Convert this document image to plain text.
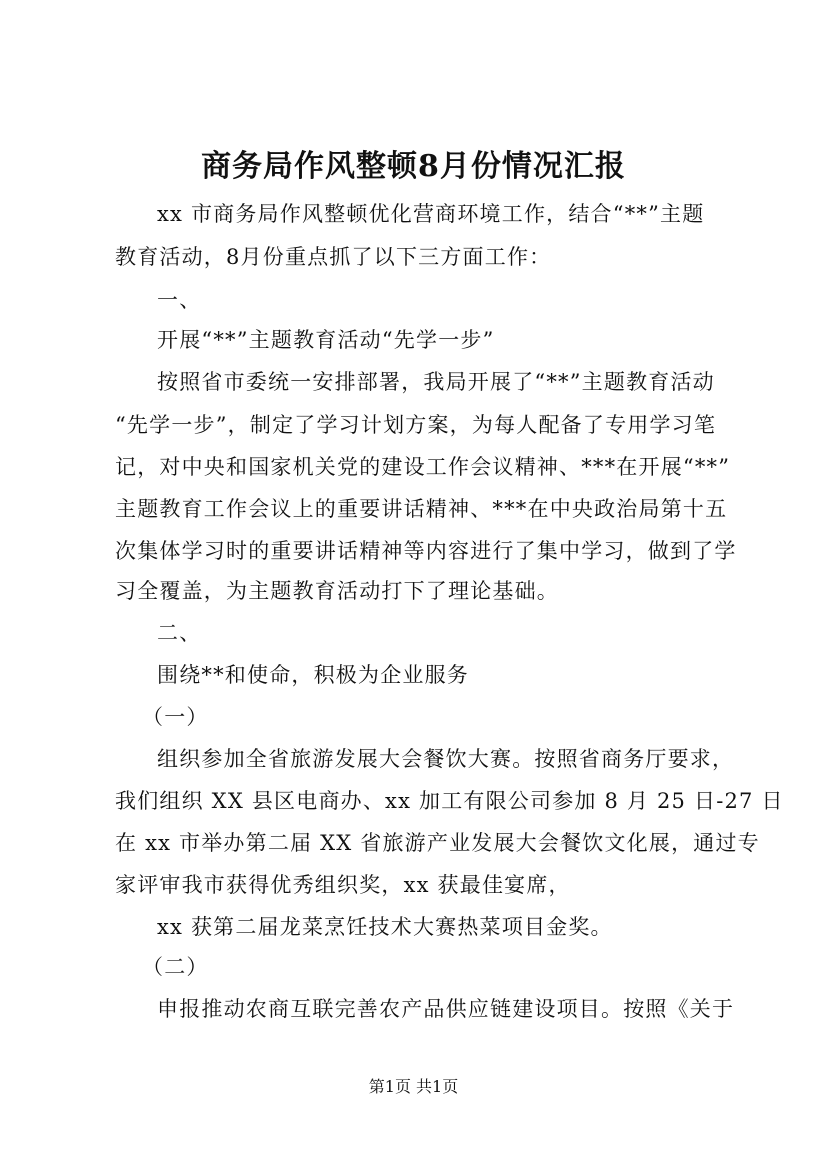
商务局作风整顿8月份情况汇报
xx 市商务局作风整顿优化营商环境工作，结合“**”主题
教育活动，8月份重点抓了以下三方面工作：
一、
开展“**”主题教育活动“先学一步”
按照省市委统一安排部署，我局开展了“**”主题教育活动
“先学一步”，制定了学习计划方案，为每人配备了专用学习笔
记，对中央和国家机关党的建设工作会议精神、***在开展“**”
主题教育工作会议上的重要讲话精神、***在中央政治局第十五
次集体学习时的重要讲话精神等内容进行了集中学习，做到了学
习全覆盖，为主题教育活动打下了理论基础。
二、
围绕**和使命，积极为企业服务
（一）
组织参加全省旅游发展大会餐饮大赛。按照省商务厅要求，
我们组织 XX 县区电商办、xx 加工有限公司参加 8 月 25 日-27 日
在 xx 市举办第二届 XX 省旅游产业发展大会餐饮文化展，通过专
家评审我市获得优秀组织奖，xx 获最佳宴席，
xx 获第二届龙菜烹饪技术大赛热菜项目金奖。
（二）
申报推动农商互联完善农产品供应链建设项目。按照《关于
第1页 共1页
